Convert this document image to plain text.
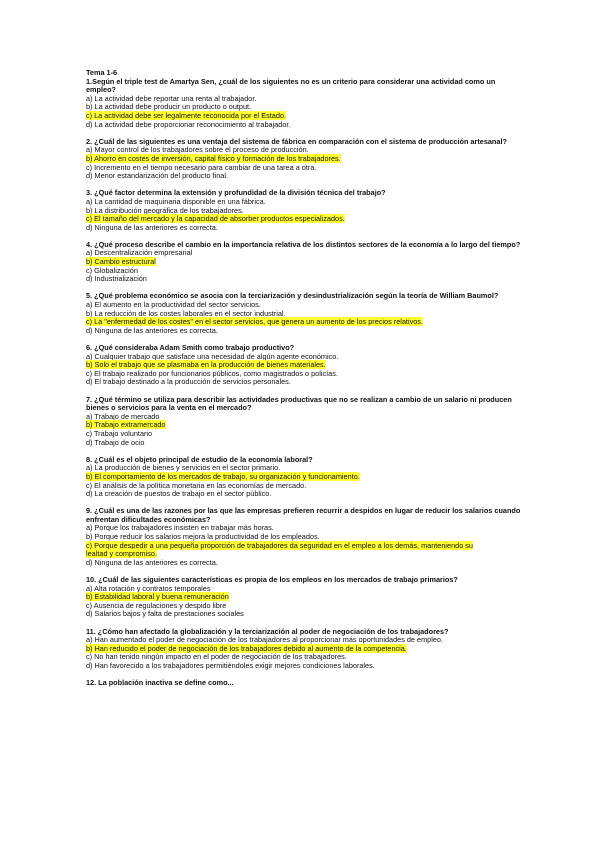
Tema 1-6

1.Según el triple test de Amartya Sen, ¿cuál de los siguientes no es un criterio para considerar una actividad como un empleo?
a) La actividad debe reportar una renta al trabajador.
b) La actividad debe producir un producto o output.
c) La actividad debe ser legalmente reconocida por el Estado.
d) La actividad debe proporcionar reconocimiento al trabajador.
2. ¿Cuál de las siguientes es una ventaja del sistema de fábrica en comparación con el sistema de producción artesanal?
a) Mayor control de los trabajadores sobre el proceso de producción.
b) Ahorro en costes de inversión, capital físico y formación de los trabajadores.
c) Incremento en el tiempo necesario para cambiar de una tarea a otra.
d) Menor estandarización del producto final.
3. ¿Qué factor determina la extensión y profundidad de la división técnica del trabajo?
a) La cantidad de maquinaria disponible en una fábrica.
b) La distribución geográfica de los trabajadores.
c) El tamaño del mercado y la capacidad de absorber productos especializados.
d) Ninguna de las anteriores es correcta.
4. ¿Qué proceso describe el cambio en la importancia relativa de los distintos sectores de la economía a lo largo del tiempo?
a) Descentralización empresarial
b) Cambio estructural
c) Globalización
d) Industrialización
5. ¿Qué problema económico se asocia con la terciarización y desindustrialización según la teoría de William Baumol?
a) El aumento en la productividad del sector servicios.
b) La reducción de los costes laborales en el sector industrial.
c) La "enfermedad de los costes" en el sector servicios, que genera un aumento de los precios relativos.
d) Ninguna de las anteriores es correcta.
6. ¿Qué consideraba Adam Smith como trabajo productivo?
a) Cualquier trabajo que satisface una necesidad de algún agente económico.
b) Solo el trabajo que se plasmaba en la producción de bienes materiales.
c) El trabajo realizado por funcionarios públicos, como magistrados o policías.
d) El trabajo destinado a la producción de servicios personales.
7. ¿Qué término se utiliza para describir las actividades productivas que no se realizan a cambio de un salario ni producen bienes o servicios para la venta en el mercado?
a) Trabajo de mercado
b) Trabajo extramercado
c) Trabajo voluntario
d) Trabajo de ocio
8. ¿Cuál es el objeto principal de estudio de la economía laboral?
a) La producción de bienes y servicios en el sector primario.
b) El comportamiento de los mercados de trabajo, su organización y funcionamiento.
c) El análisis de la política monetaria en las economías de mercado.
d) La creación de puestos de trabajo en el sector público.
9. ¿Cuál es una de las razones por las que las empresas prefieren recurrir a despidos en lugar de reducir los salarios cuando enfrentan dificultades económicas?
a) Porque los trabajadores insisten en trabajar más horas.
b) Porque reducir los salarios mejora la productividad de los empleados.
c) Porque despedir a una pequeña proporción de trabajadores da seguridad en el empleo a los demás, manteniendo su
lealtad y compromiso.
d) Ninguna de las anteriores es correcta.
10. ¿Cuál de las siguientes características es propia de los empleos en los mercados de trabajo primarios?
a) Alta rotación y contratos temporales
b) Estabilidad laboral y buena remuneración
c) Ausencia de regulaciones y despido libre
d) Salarios bajos y falta de prestaciones sociales
11. ¿Cómo han afectado la globalización y la terciarización al poder de negociación de los trabajadores?
a) Han aumentado el poder de negociación de los trabajadores al proporcionar más oportunidades de empleo.
b) Han reducido el poder de negociación de los trabajadores debido al aumento de la competencia.
c) No han tenido ningún impacto en el poder de negociación de los trabajadores.
d) Han favorecido a los trabajadores permitiéndoles exigir mejores condiciones laborales.

12. La población inactiva se define como...
